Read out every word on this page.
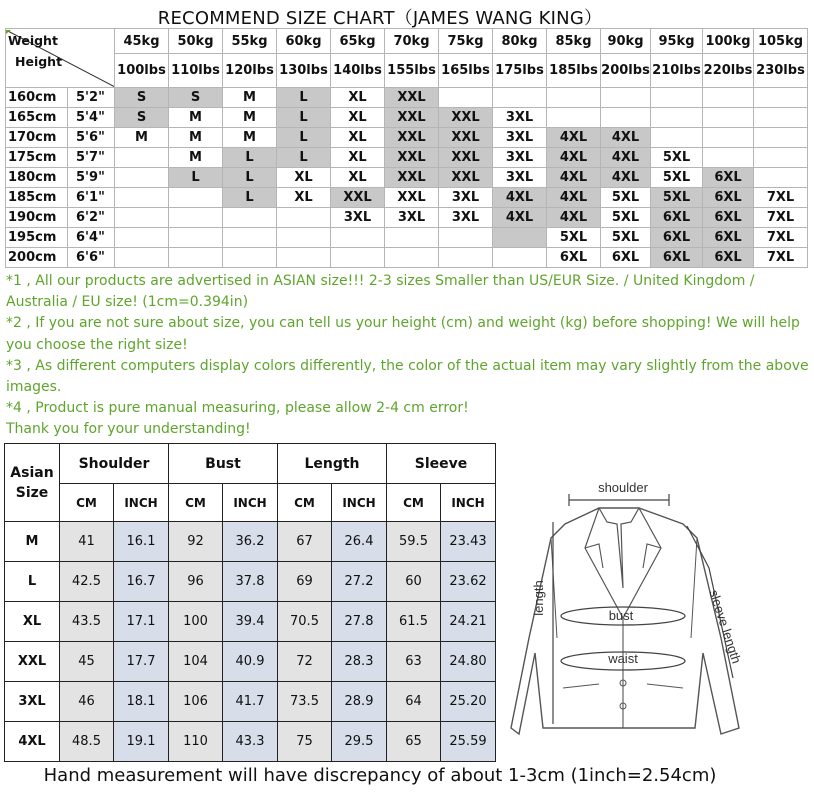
RECOMMEND SIZE CHART（JAMES WANG KING）
Weight
Height		45kg	50kg	55kg	60kg	65kg	70kg	75kg	80kg	85kg	90kg	95kg	100kg	105kg
		100lbs	110lbs	120lbs	130lbs	140lbs	155lbs	165lbs	175lbs	185lbs	200lbs	210lbs	220lbs	230lbs
160cm	5'2"	S	S	M	L	XL	XXL							
165cm	5'4"	S	M	M	L	XL	XXL	XXL	3XL					
170cm	5'6"	M	M	M	L	XL	XXL	XXL	3XL	4XL	4XL			
175cm	5'7"		M	L	L	XL	XXL	XXL	3XL	4XL	4XL	5XL		
180cm	5'9"		L	L	XL	XL	XXL	XXL	3XL	4XL	4XL	5XL	6XL	
185cm	6'1"			L	XL	XXL	XXL	3XL	4XL	4XL	5XL	5XL	6XL	7XL
190cm	6'2"					3XL	3XL	3XL	4XL	4XL	5XL	6XL	6XL	7XL
195cm	6'4"									5XL	5XL	6XL	6XL	7XL
200cm	6'6"									6XL	6XL	6XL	6XL	7XL

*1 , All our products are advertised in ASIAN size!!! 2-3 sizes Smaller than US/EUR Size. / United Kingdom / Australia / EU size! (1cm=0.394in)

*2 , If you are not sure about size, you can tell us your height (cm) and weight (kg) before shopping! We will help you choose the right size!

*3 , As different computers display colors differently, the color of the actual item may vary slightly from the above images.

*4 , Product is pure manual measuring, please allow 2-4 cm error!

Thank you for your understanding!

Asian
Size	Shoulder		Bust		Length		Sleeve	
	CM	INCH	CM	INCH	CM	INCH	CM	INCH
M	41	16.1	92	36.2	67	26.4	59.5	23.43
L	42.5	16.7	96	37.8	69	27.2	60	23.62
XL	43.5	17.1	100	39.4	70.5	27.8	61.5	24.21
XXL	45	17.7	104	40.9	72	28.3	63	24.80
3XL	46	18.1	106	41.7	73.5	28.9	64	25.20
4XL	48.5	19.1	110	43.3	75	29.5	65	25.59
shoulder
length	bust
waist	sleeve length
Hand measurement will have discrepancy of about 1-3cm (1inch=2.54cm)
